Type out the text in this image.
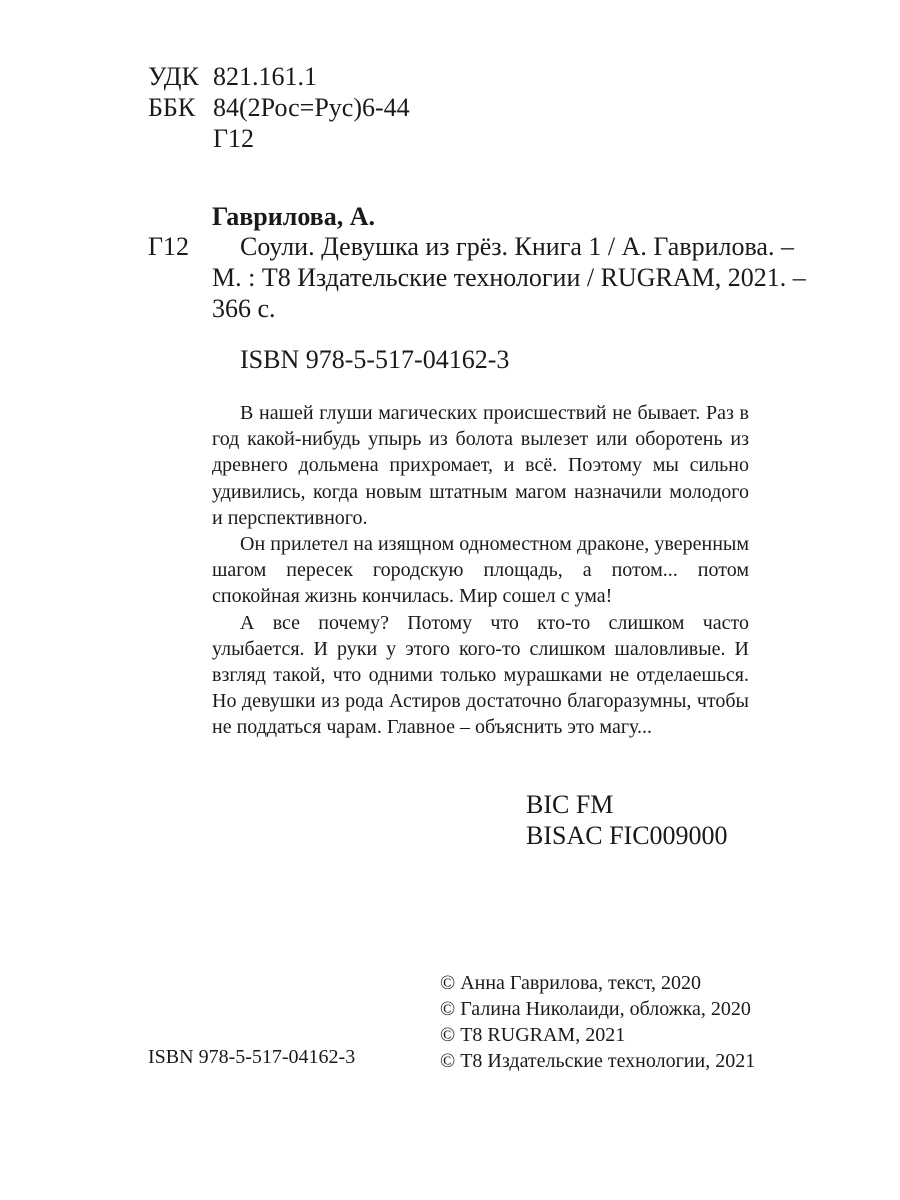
УДК 821.161.1
ББК 84(2Рос=Рус)6-44
Г12
Гаврилова, А.
Г12 Соули. Девушка из грёз. Книга 1 / А. Гаврилова. –
М. : Т8 Издательские технологии / RUGRAM, 2021. –
366 с.
ISBN 978-5-517-04162-3

В нашей глуши магических происшествий не бывает. Раз в год какой-нибудь упырь из болота вылезет или оборотень из древнего дольмена прихромает, и всё. Поэтому мы сильно удивились, когда новым штатным магом назначили молодого и перспективного.

Он прилетел на изящном одноместном драконе, уверенным шагом пересек городскую площадь, а потом... потом спокойная жизнь кончилась. Мир сошел с ума!

А все почему? Потому что кто-то слишком часто улыбается. И руки у этого кого-то слишком шаловливые. И взгляд такой, что одними только мурашками не отделаешься. Но девушки из рода Астиров достаточно благоразумны, чтобы не поддаться чарам. Главное – объяснить это магу...

BIC FM
BISAC FIC009000
ISBN 978-5-517-04162-3
© Анна Гаврилова, текст, 2020
© Галина Николаиди, обложка, 2020
© Т8 RUGRAM, 2021
© Т8 Издательские технологии, 2021
